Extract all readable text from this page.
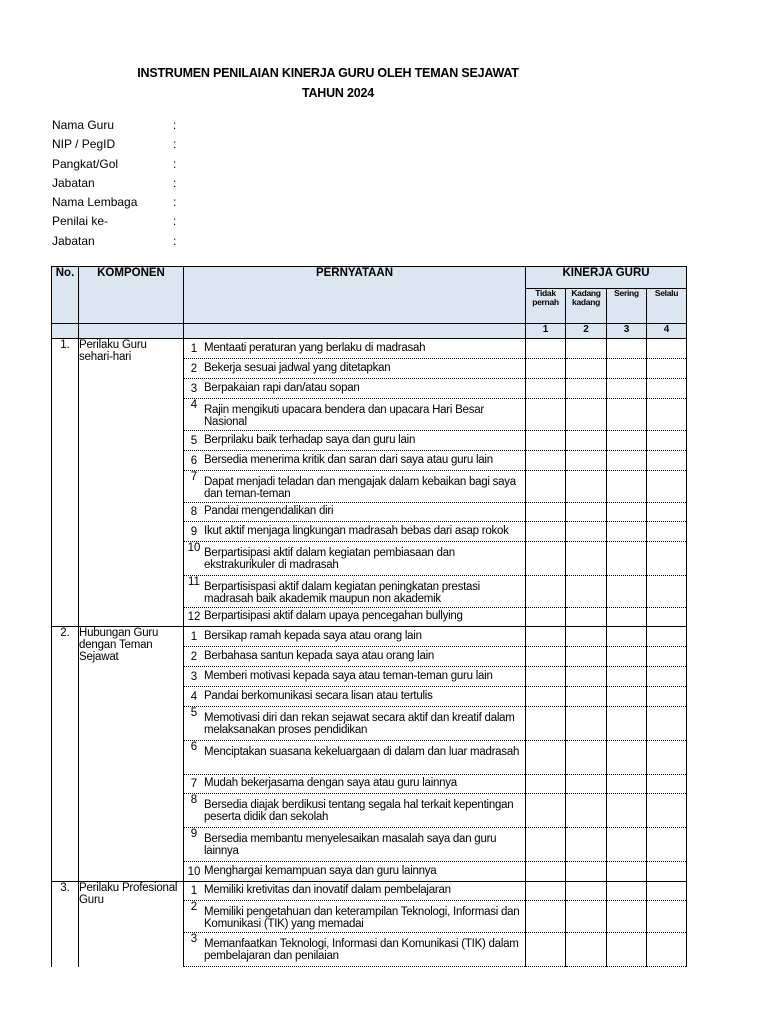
INSTRUMEN PENILAIAN KINERJA GURU OLEH TEMAN SEJAWAT
TAHUN 2024
Nama Guru	:
NIP / PegID	:
Pangkat/Gol	:
Jabatan	:
Nama Lembaga	:
Penilai ke-	:
Jabatan	:
No.	KOMPONEN	PERNYATAAN	KINERJA GURU			
			Tidak pernah	Kadang kadang	Sering	Selalu
			1	2	3	4
1.	Perilaku Guru sehari-hari	1 Mentaati peraturan yang berlaku di madrasah				

		2 Bekerja sesuai jadwal yang ditetapkan				

		3 Berpakaian rapi dan/atau sopan				

		4 Rajin mengikuti upacara bendera dan upacara Hari Besar Nasional				

		5 Berprilaku baik terhadap saya dan guru lain				

		6 Bersedia menerima kritik dan saran dari saya atau guru lain				

		7 Dapat menjadi teladan dan mengajak dalam kebaikan bagi saya dan teman-teman				

		8 Pandai mengendalikan diri				

		9 Ikut aktif menjaga lingkungan madrasah bebas dari asap rokok				

		10 Berpartisipasi aktif dalam kegiatan pembiasaan dan ekstrakurikuler di madrasah				

		11 Berpartisispasi aktif dalam kegiatan peningkatan prestasi madrasah baik akademik maupun non akademik				

		12 Berpartisipasi aktif dalam upaya pencegahan bullying				

2.	Hubungan Guru dengan Teman Sejawat	1 Bersikap ramah kepada saya atau orang lain				

		2 Berbahasa santun kepada saya atau orang lain				

		3 Memberi motivasi kepada saya atau teman-teman guru lain				

		4 Pandai berkomunikasi secara lisan atau tertulis				

		5 Memotivasi diri dan rekan sejawat secara aktif dan kreatif dalam melaksanakan proses pendidikan				

		6 Menciptakan suasana kekeluargaan di dalam dan luar madrasah				

		7 Mudah bekerjasama dengan saya atau guru lainnya				

		8 Bersedia diajak berdikusi tentang segala hal terkait kepentingan peserta didik dan sekolah				

		9 Bersedia membantu menyelesaikan masalah saya dan guru lainnya				

		10 Menghargai kemampuan saya dan guru lainnya				

3.	Perilaku Profesional Guru	1 Memiliki kretivitas dan inovatif dalam pembelajaran				

		2 Memiliki pengetahuan dan keterampilan Teknologi, Informasi dan Komunikasi (TIK) yang memadai				

		3 Memanfaatkan Teknologi, Informasi dan Komunikasi (TIK) dalam pembelajaran dan penilaian				
